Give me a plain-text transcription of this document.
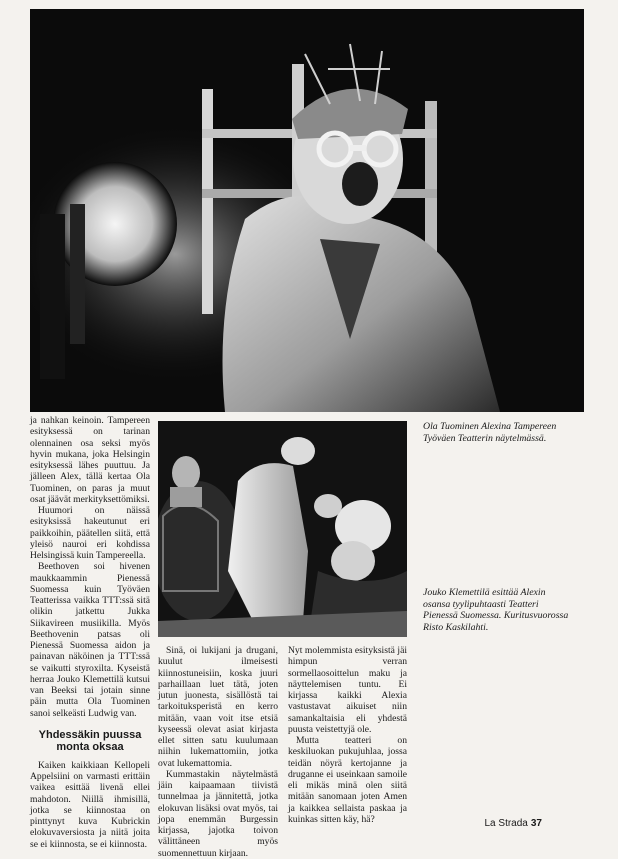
ja nahkan keinoin. Tampereen esityksessä on tarinan olennainen osa seksi myös hyvin mukana, joka Helsingin esityksessä lähes puuttuu. Ja jälleen Alex, tällä kertaa Ola Tuominen, on paras ja muut osat jäävät merkityksettömiksi.

Huumori on näissä esityksissä hakeutunut eri paikkoihin, päätellen siitä, että yleisö nauroi eri kohdissa Helsingissä kuin Tampereella.

Beethoven soi hivenen maukkaammin Pienessä Suomessa kuin Työväen Teatterissa vaikka TTT:ssä sitä olikin jatkettu Jukka Siikavireen musiikilla. Myös Beethovenin patsas oli Pienessä Suomessa aidon ja painavan näköinen ja TTT:ssä se vaikutti styroxilta. Kyseistä herraa Jouko Klemettilä kutsui van Beeksi tai jotain sinne päin mutta Ola Tuominen sanoi selkeästi Ludwig van.

Yhdessäkin puussa monta oksaa

Kaiken kaikkiaan Kellopeli Appelsiini on varmasti erittäin vaikea esittää livenä ellei mahdoton. Niillä ihmisillä, jotka se kiinnostaa on pinttynyt kuva Kubrickin elokuvaversiosta ja niitä joita se ei kiinnosta, se ei kiinnosta.

Sinä, oi lukijani ja drugani, kuulut ilmeisesti kiinnostuneisiin, koska juuri parhaillaan luet tätä, joten jutun juonesta, sisällöstä tai tarkoituksperistä en kerro mitään, vaan voit itse etsiä kyseessä olevat asiat kirjasta ellet sitten satu kuulumaan niihin lukemattomiin, jotka ovat lukemattomia.

Kummastakin näytelmästä jäin kaipaamaan tiivistä tunnelmaa ja jännitettä, jotka elokuvan lisäksi ovat myös, tai jopa enemmän Burgessin kirjassa, jajotka toivon välittäneen myös suomennettuun kirjaan.

Nyt molemmista esityksistä jäi himpun verran sormellaosoittelun maku ja näyttelemisen tuntu. Ei kirjassa kaikki Alexia vastustavat aikuiset niin samankaltaisia eli yhdestä puusta veistettyjä ole.

Mutta teatteri on keskiluokan pukujuhlaa, jossa teidän nöyrä kertojanne ja druganne ei useinkaan samoile eli mikäs minä olen siitä mitään sanomaan joten Amen ja kaikkea sellaista paskaa ja kuinkas sitten käy, hä?

Ola Tuominen Alexina Tampereen Työväen Teatterin näytelmässä.
Jouko Klemettilä esittää Alexin osansa tyylipuhtaasti Teatteri Pienessä Suomessa. Kuritusvuorossa Risto Kaskilahti.
La Strada 37
